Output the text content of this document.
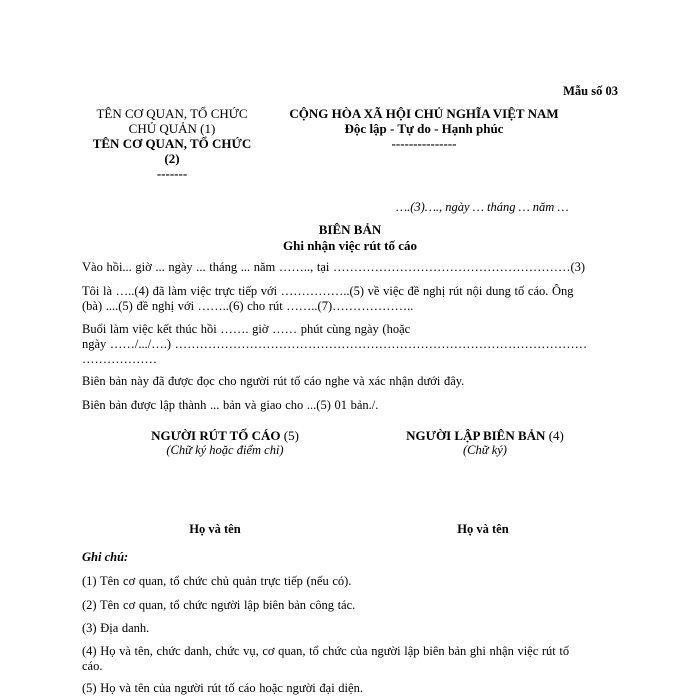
Mẫu số 03
TÊN CƠ QUAN, TỔ CHỨC
CHỦ QUẢN (1)
TÊN CƠ QUAN, TỔ CHỨC
(2)
-------
CỘNG HÒA XÃ HỘI CHỦ NGHĨA VIỆT NAM
Độc lập - Tự do - Hạnh phúc
---------------
….(3)…., ngày … tháng … năm …
BIÊN BẢN
Ghi nhận việc rút tố cáo
Vào hồi... giờ ... ngày ... tháng ... năm …….., tại …………………………………………………(3)
Tôi là …..(4) đã làm việc trực tiếp với ……………..(5) về việc đề nghị rút nội dung tố cáo. Ông
(bà) ....(5) đề nghị với ……..(6) cho rút ……..(7)………………..
Buổi làm việc kết thúc hồi ……. giờ …… phút cùng ngày (hoặc
ngày ……/.../….) ………………………………………………………………………………………
………………
Biên bản này đã được đọc cho người rút tố cáo nghe và xác nhận dưới đây.
Biên bản được lập thành ... bản và giao cho ...(5) 01 bản./.
NGƯỜI RÚT TỐ CÁO (5)
(Chữ ký hoặc điểm chỉ)
NGƯỜI LẬP BIÊN BẢN (4)
(Chữ ký)
Họ và tên	Họ và tên
Ghi chú:
(1) Tên cơ quan, tổ chức chủ quản trực tiếp (nếu có).
(2) Tên cơ quan, tổ chức người lập biên bản công tác.
(3) Địa danh.
(4) Họ và tên, chức danh, chức vụ, cơ quan, tổ chức của người lập biên bản ghi nhận việc rút tố
cáo.
(5) Họ và tên của người rút tố cáo hoặc người đại diện.
